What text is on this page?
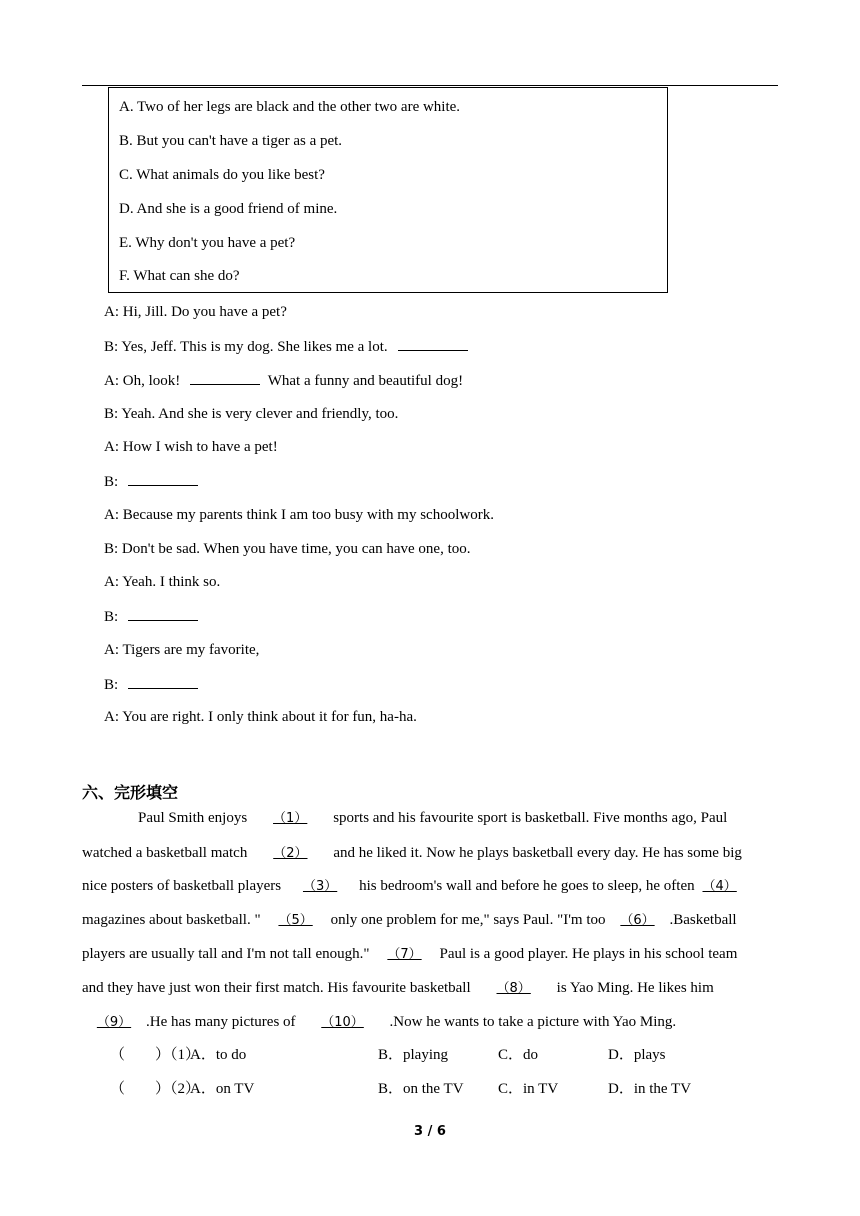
A. Two of her legs are black and the other two are white.
B. But you can't have a tiger as a pet.
C. What animals do you like best?
D. And she is a good friend of mine.
E. Why don't you have a pet?
F. What can she do?
A: Hi, Jill. Do you have a pet?
B: Yes, Jeff. This is my dog. She likes me a lot.
A: Oh, look!	What a funny and beautiful dog!
B: Yeah. And she is very clever and friendly, too.
A: How I wish to have a pet!
B:
A: Because my parents think I am too busy with my schoolwork.
B: Don't be sad. When you have time, you can have one, too.
A: Yeah. I think so.
B:
A: Tigers are my favorite,
B:
A: You are right. I only think about it for fun, ha-ha.
六、完形填空
Paul Smith enjoys （1） sports and his favourite sport is basketball. Five months ago, Paul
watched a basketball match （2） and he liked it. Now he plays basketball every day. He has some big
nice posters of basketball players （3） his bedroom's wall and before he goes to sleep, he often （4）
magazines about basketball. " （5） only one problem for me," says Paul. "I'm too （6） .Basketball
players are usually tall and I'm not tall enough." （7） Paul is a good player. He plays in his school team
and they have just won their first match. His favourite basketball （8） is Yao Ming. He likes him
（9） .He has many pictures of （10） .Now he wants to take a picture with Yao Ming.
（　　）（1）
A．to do	B．playing	C．do	D．plays
（　　）（2）
A．on TV	B．on the TV C．in TV	D．in the TV
3 / 6
